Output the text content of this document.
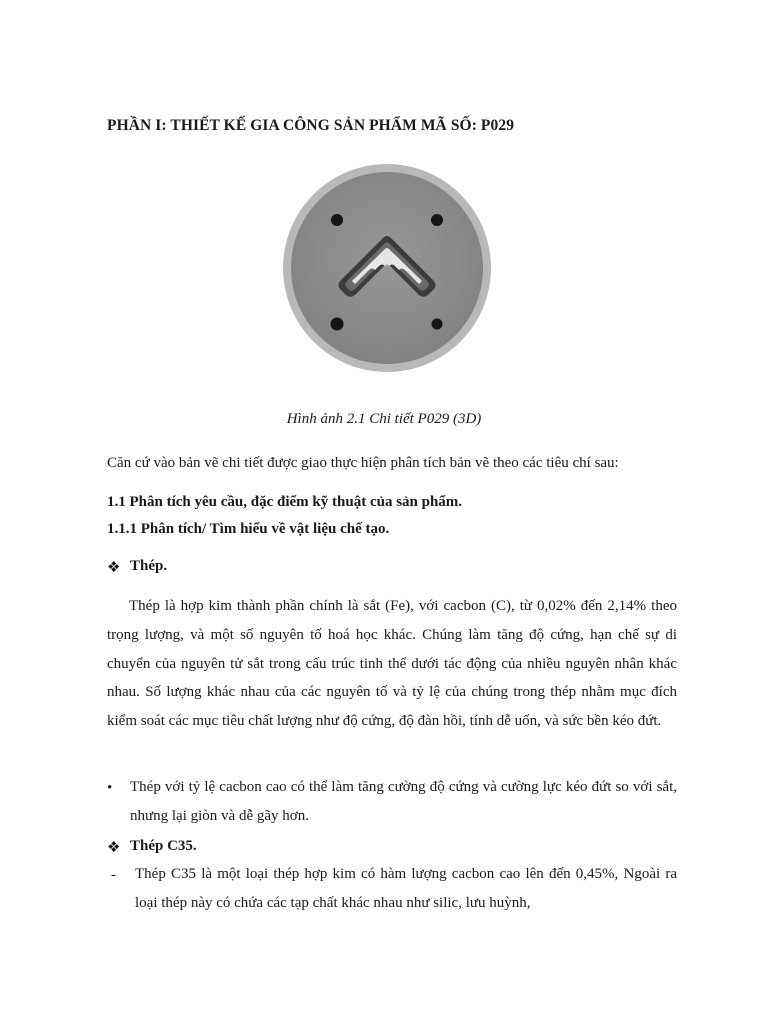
PHẦN I: THIẾT KẾ GIA CÔNG SẢN PHẨM MÃ SỐ: P029
Hình ảnh 2.1 Chi tiết P029 (3D)
Căn cứ vào bản vẽ chi tiết được giao thực hiện phân tích bản vẽ theo các tiêu chí sau:
1.1 Phân tích yêu cầu, đặc điểm kỹ thuật của sản phẩm.
1.1.1 Phân tích/ Tìm hiểu về vật liệu chế tạo.
❖ Thép.

Thép là hợp kim thành phần chính là sắt (Fe), với cacbon (C), từ 0,02% đến 2,14% theo trọng lượng, và một số nguyên tố hoá học khác. Chúng làm tăng độ cứng, hạn chế sự di chuyển của nguyên tử sắt trong cấu trúc tinh thể dưới tác động của nhiều nguyên nhân khác nhau. Số lượng khác nhau của các nguyên tố và tỷ lệ của chúng trong thép nhằm mục đích kiểm soát các mục tiêu chất lượng như độ cứng, độ đàn hồi, tính dễ uốn, và sức bền kéo đứt.

• Thép với tỷ lệ cacbon cao có thể làm tăng cường độ cứng và cường lực kéo đứt so với sắt, nhưng lại giòn và dễ gãy hơn.

❖ Thép C35.
- Thép C35 là một loại thép hợp kim có hàm lượng cacbon cao lên đến 0,45%, Ngoài ra loại thép này có chứa các tạp chất khác nhau như silic, lưu huỳnh,
